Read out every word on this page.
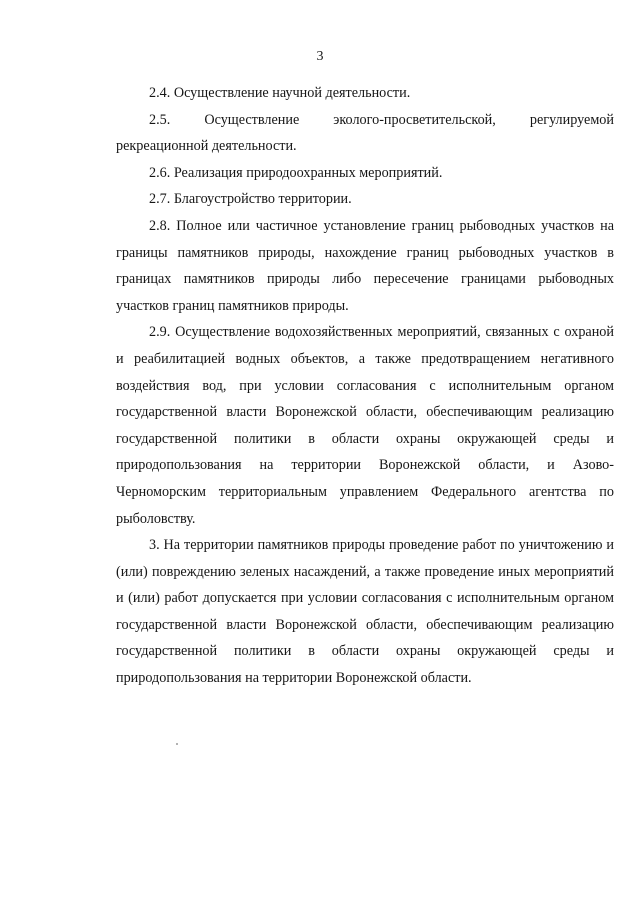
3

2.4. Осуществление научной деятельности.

2.5. Осуществление эколого-просветительской, регулируемой рекреационной деятельности.

2.6. Реализация природоохранных мероприятий.

2.7. Благоустройство территории.

2.8. Полное или частичное установление границ рыбоводных участков на границы памятников природы, нахождение границ рыбоводных участков в границах памятников природы либо пересечение границами рыбоводных участков границ памятников природы.

2.9. Осуществление водохозяйственных мероприятий, связанных с охраной и реабилитацией водных объектов, а также предотвращением негативного воздействия вод, при условии согласования с исполнительным органом государственной власти Воронежской области, обеспечивающим реализацию государственной политики в области охраны окружающей среды и природопользования на территории Воронежской области, и Азово-Черноморским территориальным управлением Федерального агентства по рыболовству.

3. На территории памятников природы проведение работ по уничтожению и (или) повреждению зеленых насаждений, а также проведение иных мероприятий и (или) работ допускается при условии согласования с исполнительным органом государственной власти Воронежской области, обеспечивающим реализацию государственной политики в области охраны окружающей среды и природопользования на территории Воронежской области.
